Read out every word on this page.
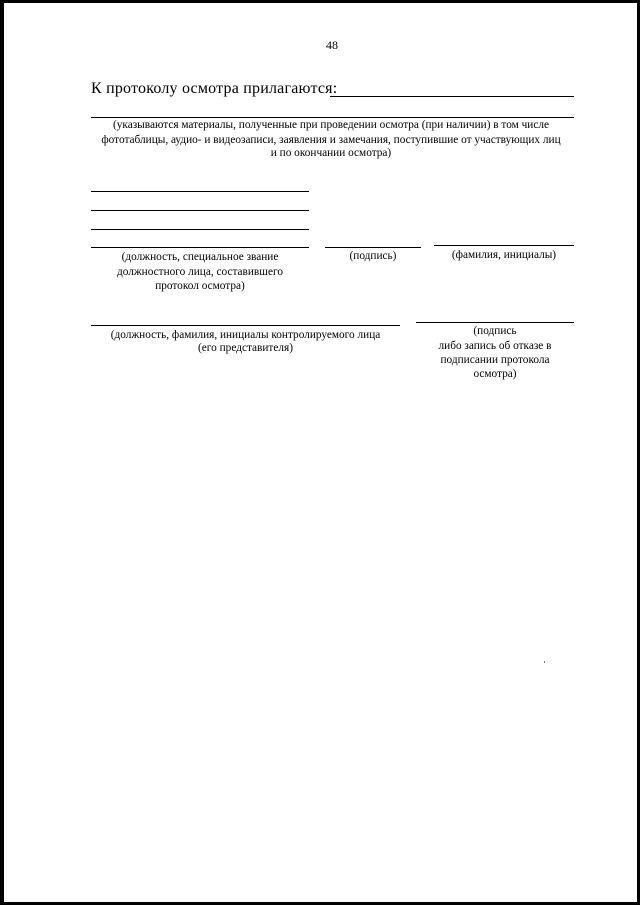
48
К протоколу осмотра прилагаются:
(указываются материалы, полученные при проведении осмотра (при наличии) в том числе
фототаблицы, аудио- и видеозаписи, заявления и замечания, поступившие от участвующих лиц
и по окончании осмотра)
(должность, специальное звание
должностного лица, составившего
протокол осмотра)
(подпись)	(фамилия, инициалы)
(должность, фамилия, инициалы контролируемого лица
(его представителя)
(подпись
либо запись об отказе в
подписании протокола
осмотра)
